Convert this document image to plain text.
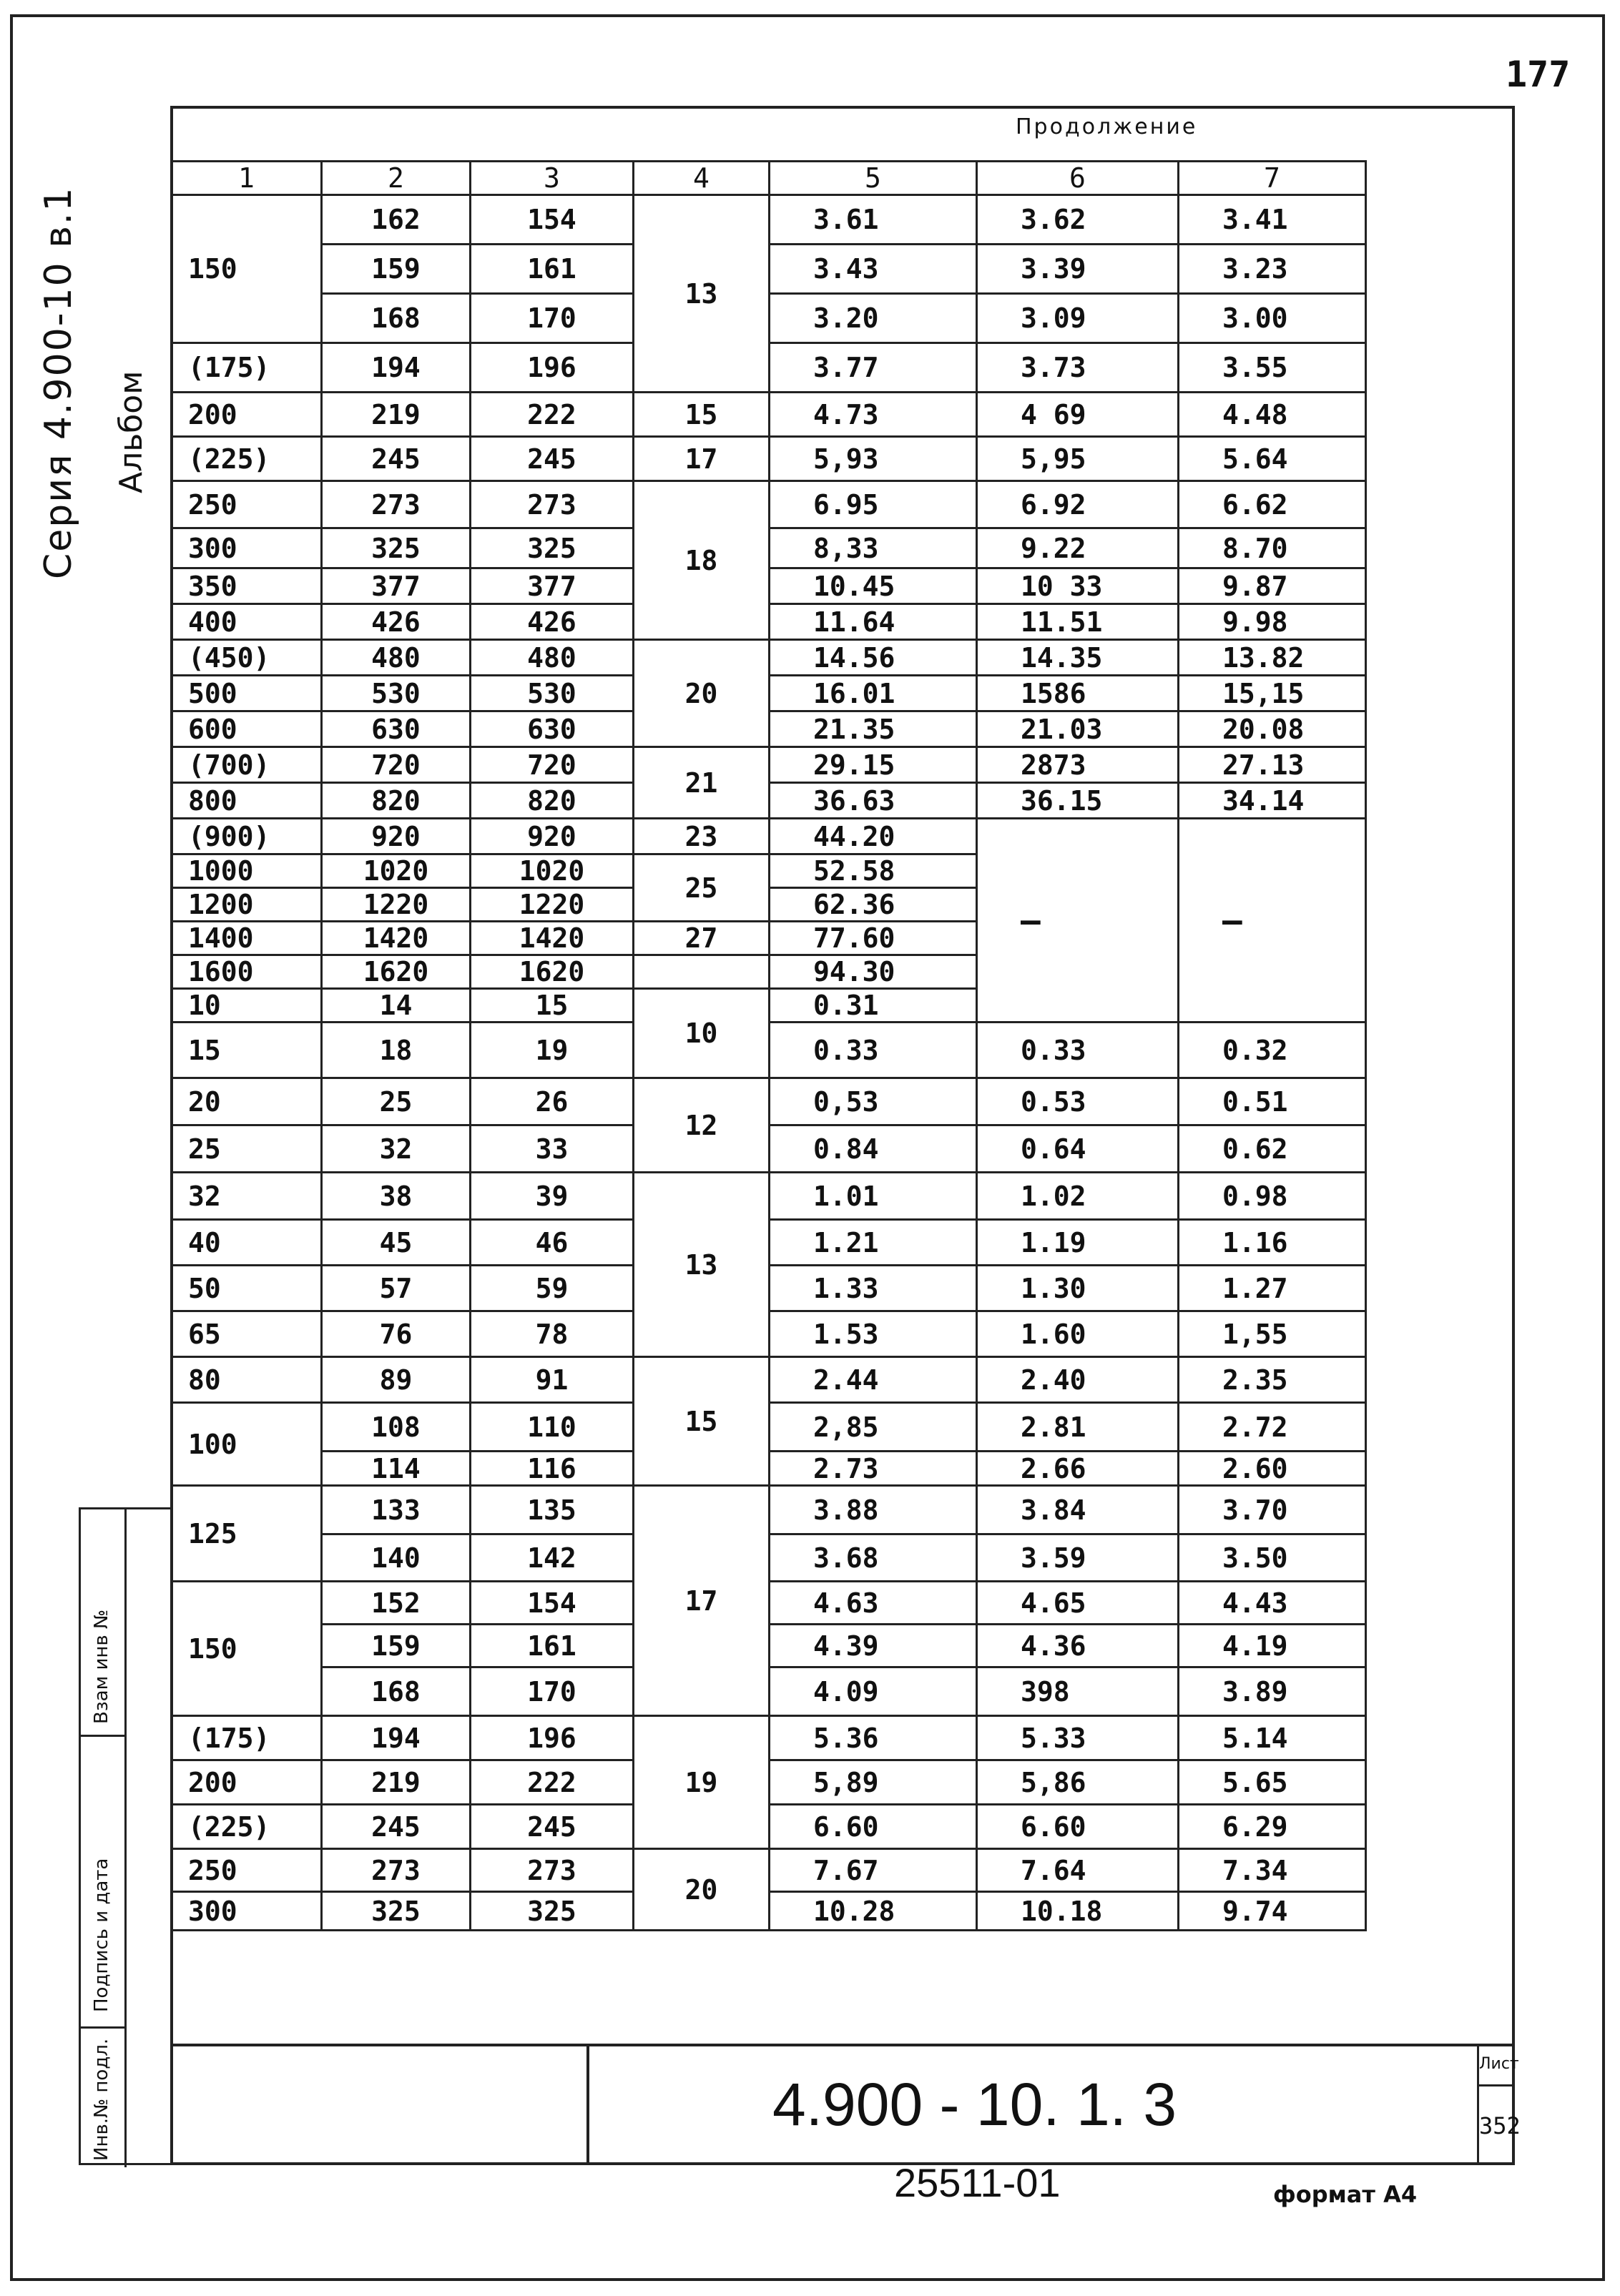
177
Серия 4.900-10 в.1 Альбом
Взам инв №
Подпись и дата
Инв.№ подл.
Продолжение
1	2	3	4	5	6	7
150	162	154	13	3.61	3.62	3.41
	159	161		3.43	3.39	3.23
	168	170		3.20	3.09	3.00
(175)	194	196		3.77	3.73	3.55
200	219	222	15	4.73	4 69	4.48
(225)	245	245	17	5,93	5,95	5.64
250	273	273	18	6.95	6.92	6.62
300	325	325		8,33	9.22	8.70
350	377	377		10.45	10 33	9.87
400	426	426		11.64	11.51	9.98
(450)	480	480	20	14.56	14.35	13.82
500	530	530		16.01	1586	15,15
600	630	630		21.35	21.03	20.08
(700)	720	720	21	29.15	2873	27.13
800	820	820		36.63	36.15	34.14
(900)	920	920	23	44.20	—	—
1000	1020	1020	25	52.58		
1200	1220	1220		62.36		
1400	1420	1420	27	77.60		
1600	1620	1620		94.30		
10	14	15	10	0.31		
15	18	19		0.33	0.33	0.32
20	25	26	12	0,53	0.53	0.51
25	32	33		0.84	0.64	0.62
32	38	39	13	1.01	1.02	0.98
40	45	46		1.21	1.19	1.16
50	57	59		1.33	1.30	1.27
65	76	78		1.53	1.60	1,55
80	89	91	15	2.44	2.40	2.35
100	108	110		2,85	2.81	2.72
	114	116		2.73	2.66	2.60
125	133	135	17	3.88	3.84	3.70
	140	142		3.68	3.59	3.50
150	152	154		4.63	4.65	4.43
	159	161		4.39	4.36	4.19
	168	170		4.09	398	3.89
(175)	194	196	19	5.36	5.33	5.14
200	219	222		5,89	5,86	5.65
(225)	245	245		6.60	6.60	6.29
250	273	273	20	7.67	7.64	7.34
300	325	325		10.28	10.18	9.74
4.900 - 10. 1. 3
Лист
352
25511-01	формат А4
